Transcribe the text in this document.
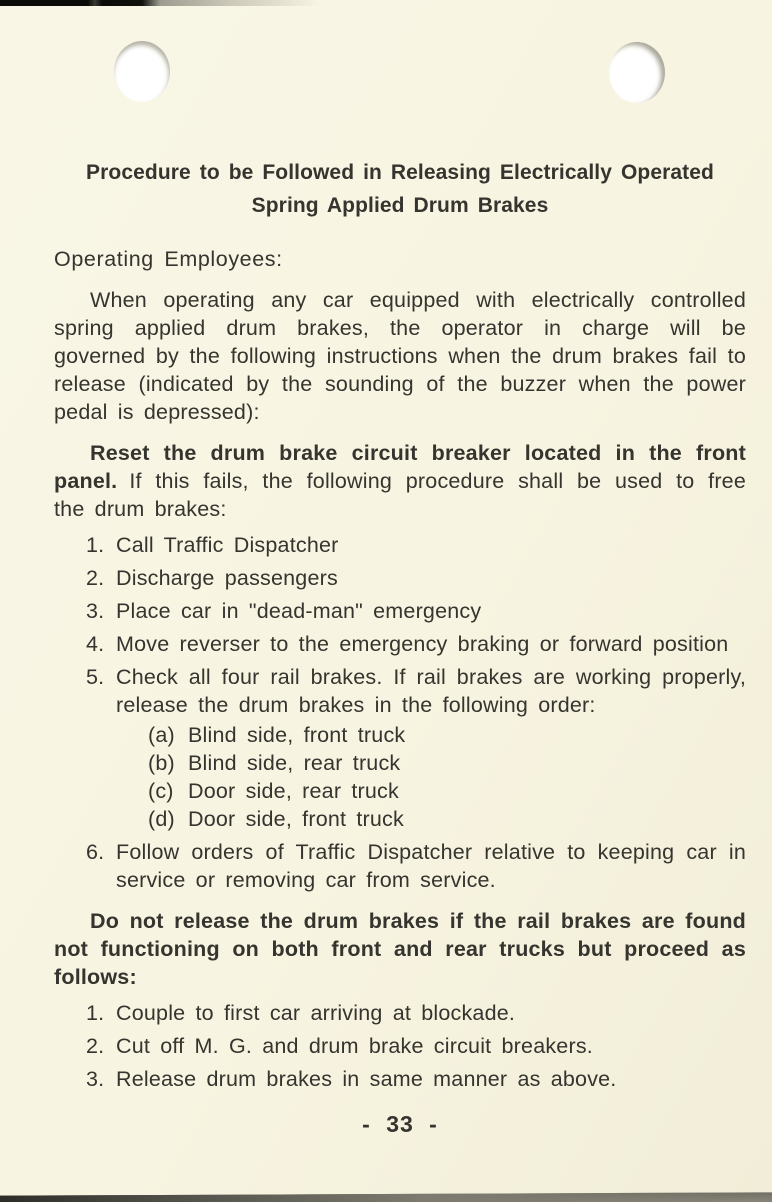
Procedure to be Followed in Releasing Electrically Operated
Spring Applied Drum Brakes

Operating Employees:

When operating any car equipped with electrically controlled spring applied drum brakes, the operator in charge will be governed by the following instructions when the drum brakes fail to release (indicated by the sounding of the buzzer when the power pedal is depressed):

Reset the drum brake circuit breaker located in the front panel. If this fails, the following procedure shall be used to free the drum brakes:

1. Call Traffic Dispatcher
2. Discharge passengers
3. Place car in "dead-man" emergency
4. Move reverser to the emergency braking or forward position
5. Check all four rail brakes. If rail brakes are working properly, release the drum brakes in the following order:
(a) Blind side, front truck
(b) Blind side, rear truck
(c) Door side, rear truck
(d) Door side, front truck
6. Follow orders of Traffic Dispatcher relative to keeping car in service or removing car from service.

Do not release the drum brakes if the rail brakes are found not functioning on both front and rear trucks but proceed as follows:

1. Couple to first car arriving at blockade.
2. Cut off M. G. and drum brake circuit breakers.
3. Release drum brakes in same manner as above.
- 33 -
